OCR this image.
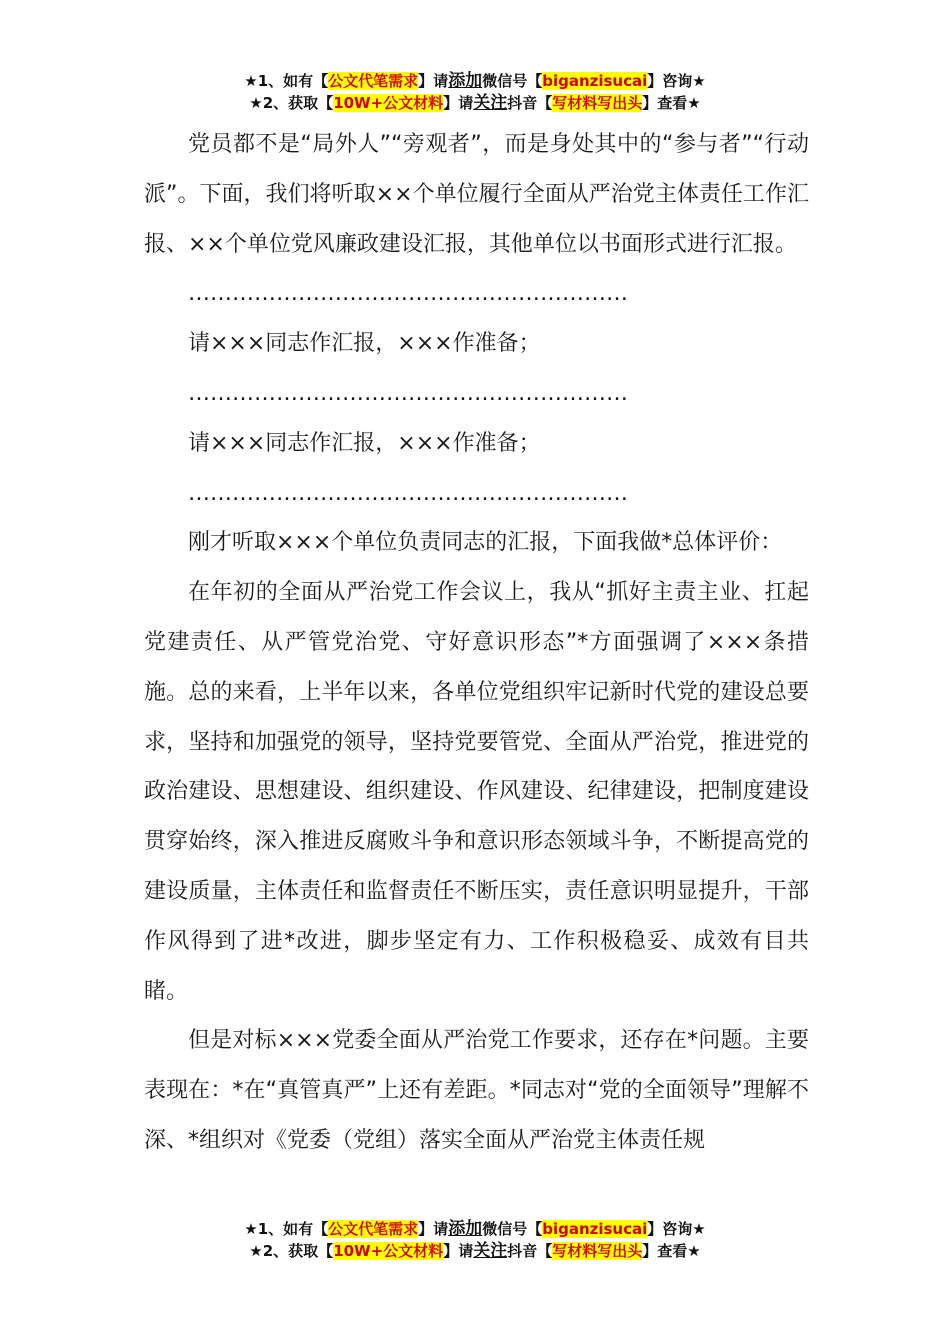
★1、如有【公文代笔需求】请添加微信号【biganzisucai】咨询★
★2、获取【10W+公文材料】请关注抖音【写材料写出头】查看★

党员都不是“局外人”“旁观者”，而是身处其中的“参与者”“行动派”。下面，我们将听取××个单位履行全面从严治党主体责任工作汇报、××个单位党风廉政建设汇报，其他单位以书面形式进行汇报。

……………………………………………………

请×××同志作汇报，×××作准备；

……………………………………………………

请×××同志作汇报，×××作准备；

……………………………………………………

刚才听取×××个单位负责同志的汇报，下面我做*总体评价：

在年初的全面从严治党工作会议上，我从“抓好主责主业、扛起党建责任、从严管党治党、守好意识形态”*方面强调了×××条措施。总的来看，上半年以来，各单位党组织牢记新时代党的建设总要求，坚持和加强党的领导，坚持党要管党、全面从严治党，推进党的政治建设、思想建设、组织建设、作风建设、纪律建设，把制度建设贯穿始终，深入推进反腐败斗争和意识形态领域斗争，不断提高党的建设质量，主体责任和监督责任不断压实，责任意识明显提升，干部作风得到了进*改进，脚步坚定有力、工作积极稳妥、成效有目共睹。

但是对标×××党委全面从严治党工作要求，还存在*问题。主要表现在：*在“真管真严”上还有差距。*同志对“党的全面领导”理解不深、*组织对《党委（党组）落实全面从严治党主体责任规

★1、如有【公文代笔需求】请添加微信号【biganzisucai】咨询★
★2、获取【10W+公文材料】请关注抖音【写材料写出头】查看★
